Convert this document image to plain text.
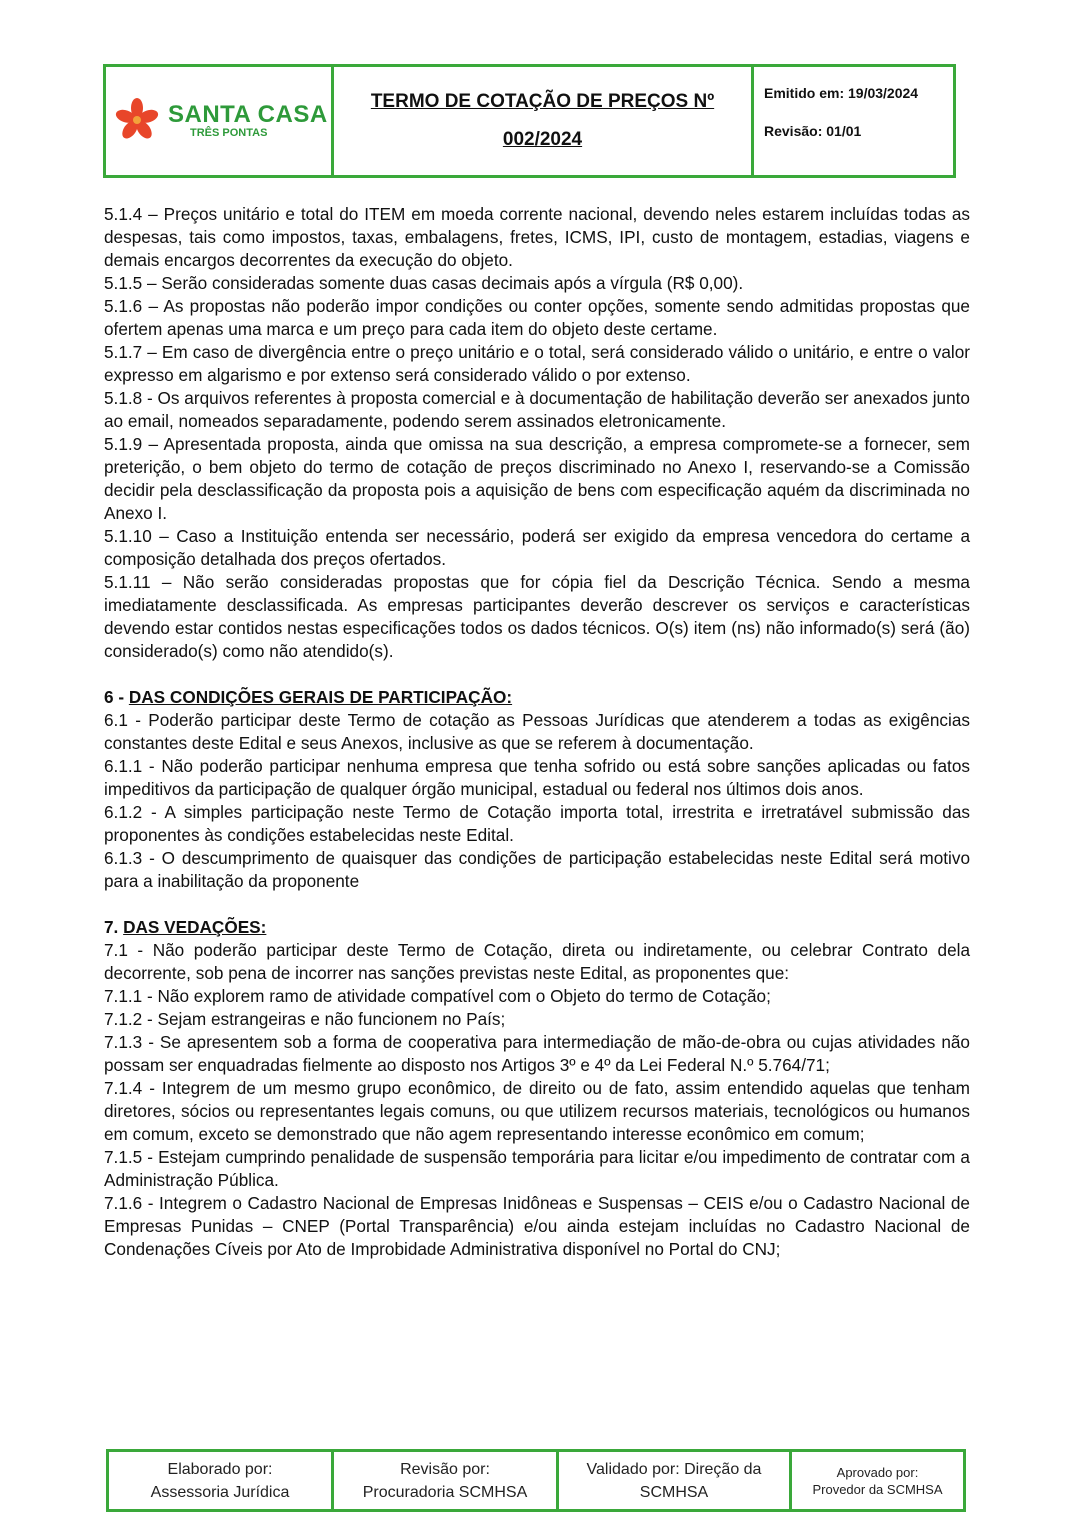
SANTA CASA
TRÊS PONTAS
TERMO DE COTAÇÃO DE PREÇOS Nº
002/2024
Emitido em: 19/03/2024
Revisão: 01/01

5.1.4 – Preços unitário e total do ITEM em moeda corrente nacional, devendo neles estarem incluídas todas as despesas, tais como impostos, taxas, embalagens, fretes, ICMS, IPI, custo de montagem, estadias, viagens e demais encargos decorrentes da execução do objeto.

5.1.5 – Serão consideradas somente duas casas decimais após a vírgula (R$ 0,00).

5.1.6 – As propostas não poderão impor condições ou conter opções, somente sendo admitidas propostas que ofertem apenas uma marca e um preço para cada item do objeto deste certame.

5.1.7 – Em caso de divergência entre o preço unitário e o total, será considerado válido o unitário, e entre o valor expresso em algarismo e por extenso será considerado válido o por extenso.

5.1.8 - Os arquivos referentes à proposta comercial e à documentação de habilitação deverão ser anexados junto ao email, nomeados separadamente, podendo serem assinados eletronicamente.

5.1.9 – Apresentada proposta, ainda que omissa na sua descrição, a empresa compromete-se a fornecer, sem preterição, o bem objeto do termo de cotação de preços discriminado no Anexo I, reservando-se a Comissão decidir pela desclassificação da proposta pois a aquisição de bens com especificação aquém da discriminada no Anexo I.

5.1.10 – Caso a Instituição entenda ser necessário, poderá ser exigido da empresa vencedora do certame a composição detalhada dos preços ofertados.

5.1.11 – Não serão consideradas propostas que for cópia fiel da Descrição Técnica. Sendo a mesma imediatamente desclassificada. As empresas participantes deverão descrever os serviços e características devendo estar contidos nestas especificações todos os dados técnicos. O(s) item (ns) não informado(s) será (ão) considerado(s) como não atendido(s).

6 - DAS CONDIÇÕES GERAIS DE PARTICIPAÇÃO:

6.1 - Poderão participar deste Termo de cotação as Pessoas Jurídicas que atenderem a todas as exigências constantes deste Edital e seus Anexos, inclusive as que se referem à documentação.

6.1.1 - Não poderão participar nenhuma empresa que tenha sofrido ou está sobre sanções aplicadas ou fatos impeditivos da participação de qualquer órgão municipal, estadual ou federal nos últimos dois anos.

6.1.2 - A simples participação neste Termo de Cotação importa total, irrestrita e irretratável submissão das proponentes às condições estabelecidas neste Edital.

6.1.3 - O descumprimento de quaisquer das condições de participação estabelecidas neste Edital será motivo para a inabilitação da proponente

7. DAS VEDAÇÕES:

7.1 - Não poderão participar deste Termo de Cotação, direta ou indiretamente, ou celebrar Contrato dela decorrente, sob pena de incorrer nas sanções previstas neste Edital, as proponentes que:

7.1.1 - Não explorem ramo de atividade compatível com o Objeto do termo de Cotação;

7.1.2 - Sejam estrangeiras e não funcionem no País;

7.1.3 - Se apresentem sob a forma de cooperativa para intermediação de mão-de-obra ou cujas atividades não possam ser enquadradas fielmente ao disposto nos Artigos 3º e 4º da Lei Federal N.º 5.764/71;

7.1.4 - Integrem de um mesmo grupo econômico, de direito ou de fato, assim entendido aquelas que tenham diretores, sócios ou representantes legais comuns, ou que utilizem recursos materiais, tecnológicos ou humanos em comum, exceto se demonstrado que não agem representando interesse econômico em comum;

7.1.5 - Estejam cumprindo penalidade de suspensão temporária para licitar e/ou impedimento de contratar com a Administração Pública.

7.1.6 - Integrem o Cadastro Nacional de Empresas Inidôneas e Suspensas – CEIS e/ou o Cadastro Nacional de Empresas Punidas – CNEP (Portal Transparência) e/ou ainda estejam incluídas no Cadastro Nacional de Condenações Cíveis por Ato de Improbidade Administrativa disponível no Portal do CNJ;

Elaborado por:
Assessoria Jurídica
Revisão por:
Procuradoria SCMHSA
Validado por: Direção da
SCMHSA
Aprovado por:
Provedor da SCMHSA
